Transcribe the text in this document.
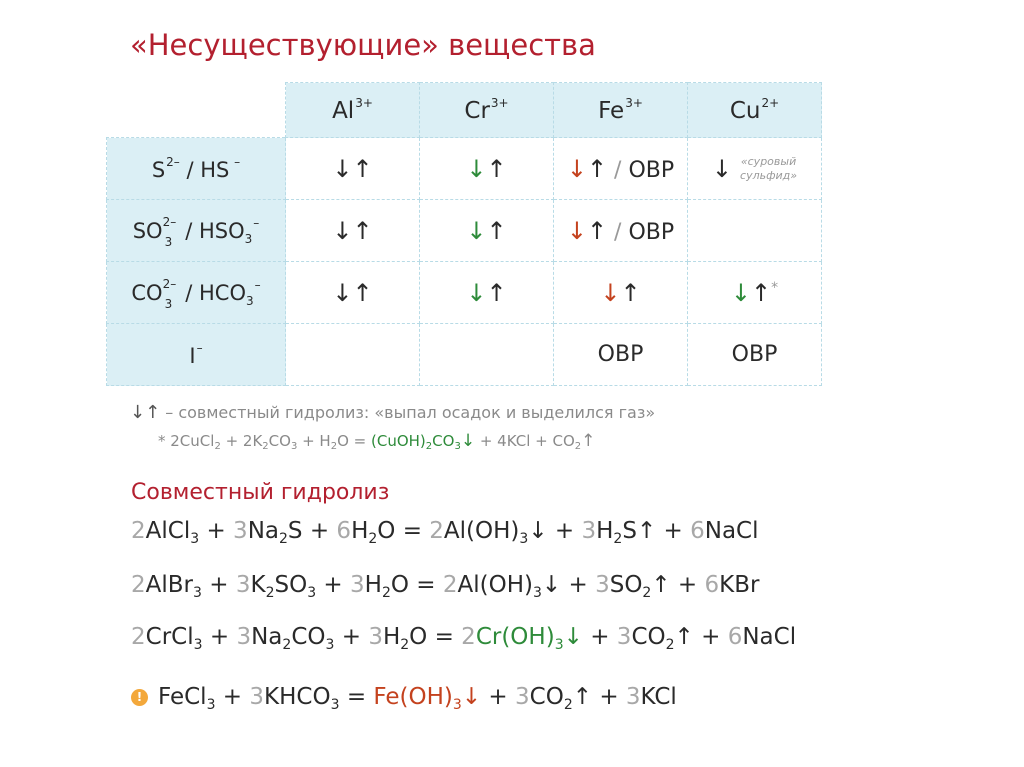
«Несуществующие» вещества
	$Al^{3+}$	$Cr^{3+}$	$Fe^{3+}$	$Cu^{2+}$
$S^{2-}$ / HS –	↓↑	↓↑	↓↑ / ОВР	↓ «суровый
сульфид»

SO 2–
$3 / HSO_3^-$	↓↑	↓↑	↓↑ / ОВР	
CO 2–
$3 / HCO_3^-$	↓↑	↓↑	↓↑	↓↑*
I–			ОВР	ОВР
↓↑ – совместный гидролиз: «выпал осадок и выделился газ»
* 2CuCl$_2$ + $2K_2CO_3 + H_2O$ = $(CuOH)_2CO_3↓ + 4KCl$ + $CO_2↑$
Совместный гидролиз
2AlCl$_3$ + $3Na_2S + 6H_2O$ = $2Al(OH)_3↓$ + $3H_2S↑$ + 6NaCl
2AlBr$_3$ + $3K_2SO_3 + 3H_2O$ = $2Al(OH)_3↓$ + $3SO_2↑ + 6KBr$
2CrCl$_3$ + $3Na_2CO_3 + 3H_2O$ = $2Cr(OH)_3↓$ + $3CO_2↑$ + 6NaCl
! FeCl$_3$ + $3KHCO_3$ = $Fe(OH)_3↓$ + $3CO_2↑ + 3KCl$
